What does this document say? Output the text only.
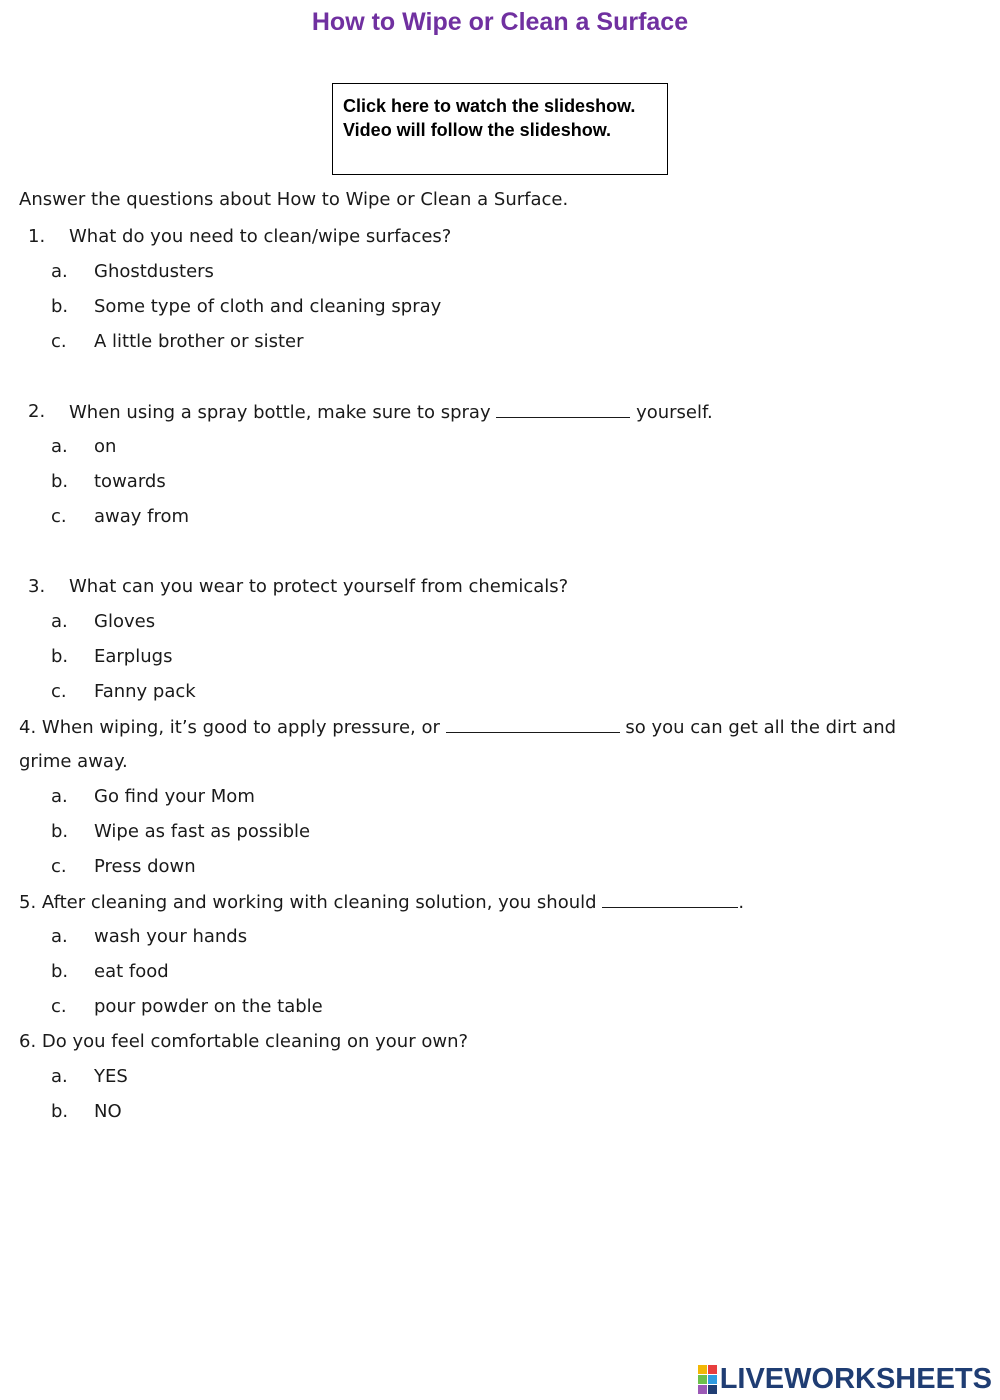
How to Wipe or Clean a Surface
Click here to watch the slideshow.
Video will follow the slideshow.
Answer the questions about How to Wipe or Clean a Surface.
1. What do you need to clean/wipe surfaces?
a. Ghostdusters
b. Some type of cloth and cleaning spray
c. A little brother or sister
2. When using a spray bottle, make sure to spray	yourself.
a. on
b. towards
c. away from
3. What can you wear to protect yourself from chemicals?
a. Gloves
b. Earplugs
c. Fanny pack
4. When wiping, it’s good to apply pressure, or	so you can get all the dirt and
grime away.
a. Go find your Mom
b. Wipe as fast as possible
c. Press down
5. After cleaning and working with cleaning solution, you should	.
a. wash your hands
b. eat food
c. pour powder on the table
6. Do you feel comfortable cleaning on your own?
a. YES
b. NO
LIVEWORKSHEETS
